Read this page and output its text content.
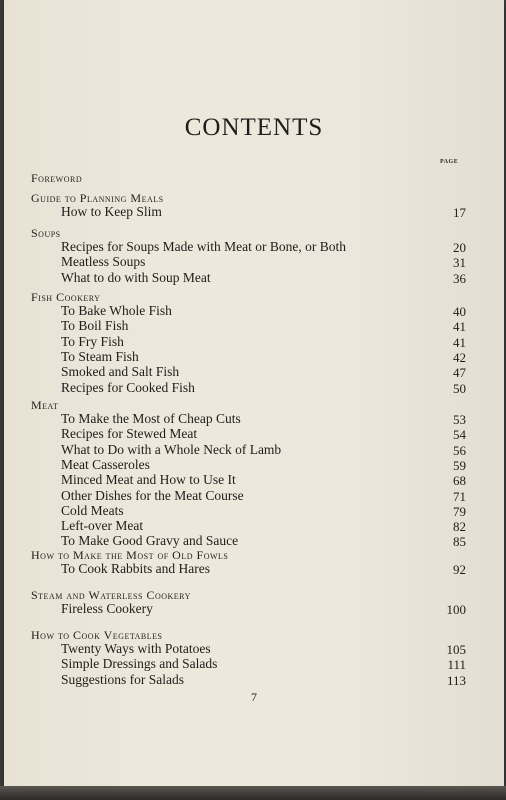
CONTENTS
PAGE
Foreword
Guide to Planning Meals
How to Keep Slim	17
Soups
Recipes for Soups Made with Meat or Bone, or Both	20
Meatless Soups	31
What to do with Soup Meat	36
Fish Cookery
To Bake Whole Fish	40
To Boil Fish	41
To Fry Fish	41
To Steam Fish	42
Smoked and Salt Fish	47
Recipes for Cooked Fish	50
Meat
To Make the Most of Cheap Cuts	53
Recipes for Stewed Meat	54
What to Do with a Whole Neck of Lamb	56
Meat Casseroles	59
Minced Meat and How to Use It	68
Other Dishes for the Meat Course	71
Cold Meats	79
Left-over Meat	82
To Make Good Gravy and Sauce	85
How to Make the Most of Old Fowls
To Cook Rabbits and Hares	92
Steam and Waterless Cookery
Fireless Cookery	100
How to Cook Vegetables
Twenty Ways with Potatoes	105
Simple Dressings and Salads	111
Suggestions for Salads	113
7
